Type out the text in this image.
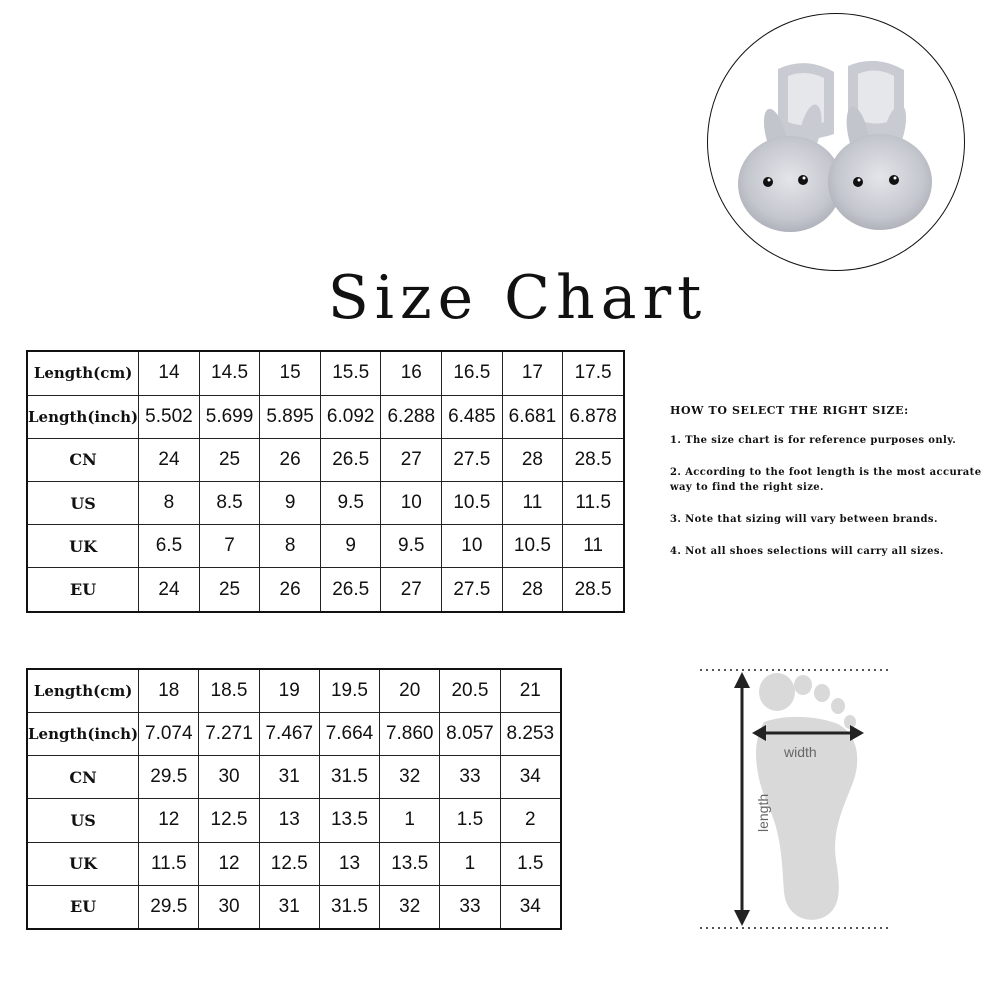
Size Chart
Length(cm)	14	14.5	15	15.5	16	16.5	17	17.5
Length(inch)	5.502	5.699	5.895	6.092	6.288	6.485	6.681	6.878
CN	24	25	26	26.5	27	27.5	28	28.5
US	8	8.5	9	9.5	10	10.5	11	11.5
UK	6.5	7	8	9	9.5	10	10.5	11
EU	24	25	26	26.5	27	27.5	28	28.5

HOW TO SELECT THE RIGHT SIZE:

1. The size chart is for reference purposes only.

2. According to the foot length is the most accurate way to find the right size.

3. Note that sizing will vary between brands.

4. Not all shoes selections will carry all sizes.

Length(cm)	18	18.5	19	19.5	20	20.5	21
Length(inch)	7.074	7.271	7.467	7.664	7.860	8.057	8.253
CN	29.5	30	31	31.5	32	33	34
US	12	12.5	13	13.5	1	1.5	2
UK	11.5	12	12.5	13	13.5	1	1.5
EU	29.5	30	31	31.5	32	33	34
width
length
